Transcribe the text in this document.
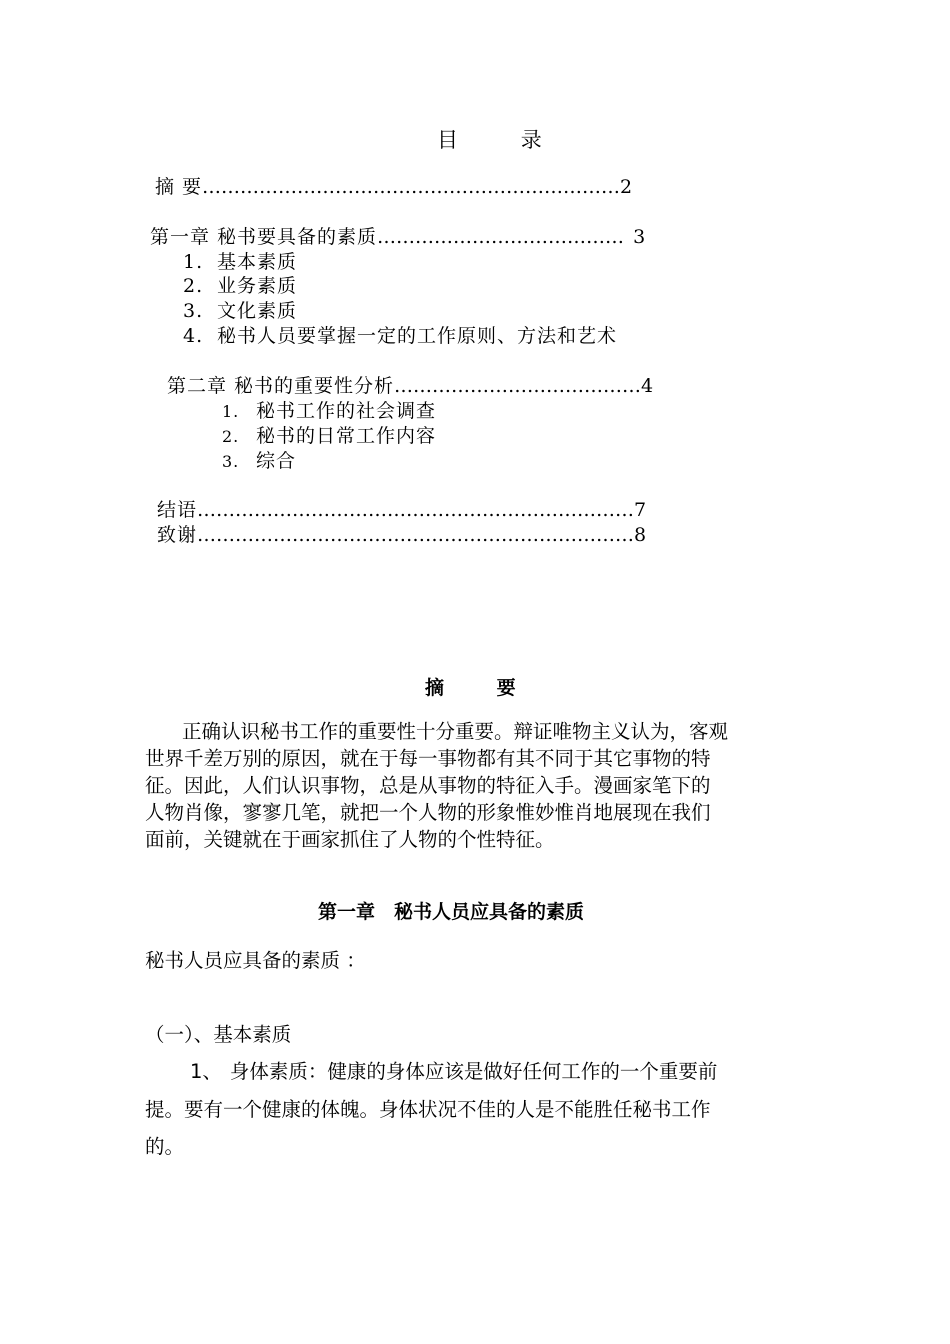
目	录
摘 要…………………………………………………………2
第一章 秘书要具备的素质………………………………… 3
1. 基本素质
2. 业务素质
3. 文化素质
4. 秘书人员要掌握一定的工作原则、方法和艺术
第二章 秘书的重要性分析…………………………………4
1. 秘书工作的社会调查
2. 秘书的日常工作内容
3. 综合
结语……………………………………………………………7
致谢……………………………………………………………8
摘	要
正确认识秘书工作的重要性十分重要。辩证唯物主义认为，客观
世界千差万别的原因，就在于每一事物都有其不同于其它事物的特
征。因此，人们认识事物，总是从事物的特征入手。漫画家笔下的
人物肖像，寥寥几笔，就把一个人物的形象惟妙惟肖地展现在我们
面前，关键就在于画家抓住了人物的个性特征。
第一章　秘书人员应具备的素质
秘书人员应具备的素质 ：
（一）、基本素质
1、 身体素质：健康的身体应该是做好任何工作的一个重要前
提。要有一个健康的体魄。身体状况不佳的人是不能胜任秘书工作
的。
